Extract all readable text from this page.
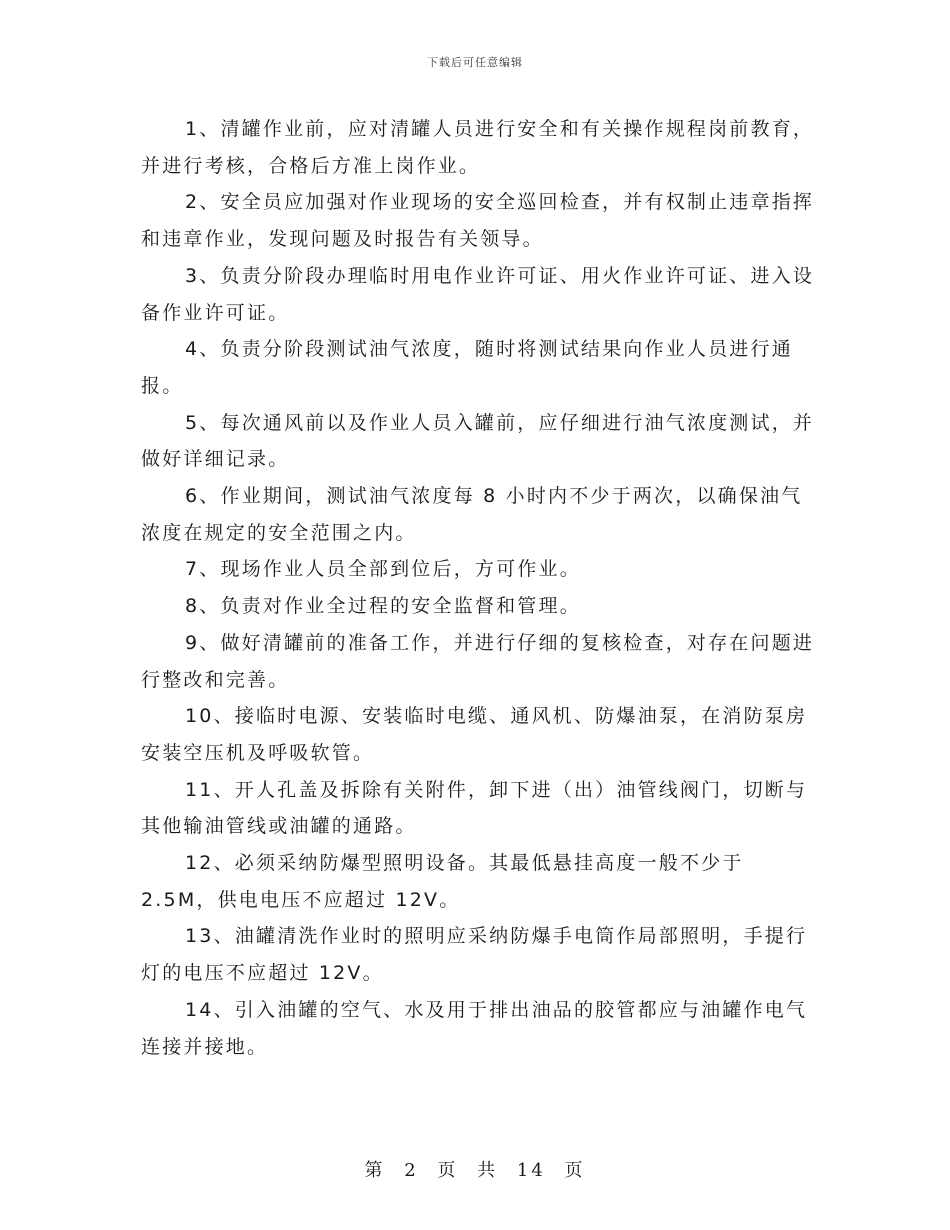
下载后可任意编辑

1、清罐作业前，应对清罐人员进行安全和有关操作规程岗前教育，并进行考核，合格后方准上岗作业。

2、安全员应加强对作业现场的安全巡回检查，并有权制止违章指挥和违章作业，发现问题及时报告有关领导。

3、负责分阶段办理临时用电作业许可证、用火作业许可证、进入设备作业许可证。

4、负责分阶段测试油气浓度，随时将测试结果向作业人员进行通报。

5、每次通风前以及作业人员入罐前，应仔细进行油气浓度测试，并做好详细记录。

6、作业期间，测试油气浓度每 8 小时内不少于两次，以确保油气浓度在规定的安全范围之内。

7、现场作业人员全部到位后，方可作业。

8、负责对作业全过程的安全监督和管理。

9、做好清罐前的准备工作，并进行仔细的复核检查，对存在问题进行整改和完善。

10、接临时电源、安装临时电缆、通风机、防爆油泵，在消防泵房安装空压机及呼吸软管。

11、开人孔盖及拆除有关附件，卸下进（出）油管线阀门，切断与其他输油管线或油罐的通路。

12、必须采纳防爆型照明设备。其最低悬挂高度一般不少于 2.5M，供电电压不应超过 12V。

13、油罐清洗作业时的照明应采纳防爆手电筒作局部照明，手提行灯的电压不应超过 12V。

14、引入油罐的空气、水及用于排出油品的胶管都应与油罐作电气连接并接地。

第 2 页 共 14 页
